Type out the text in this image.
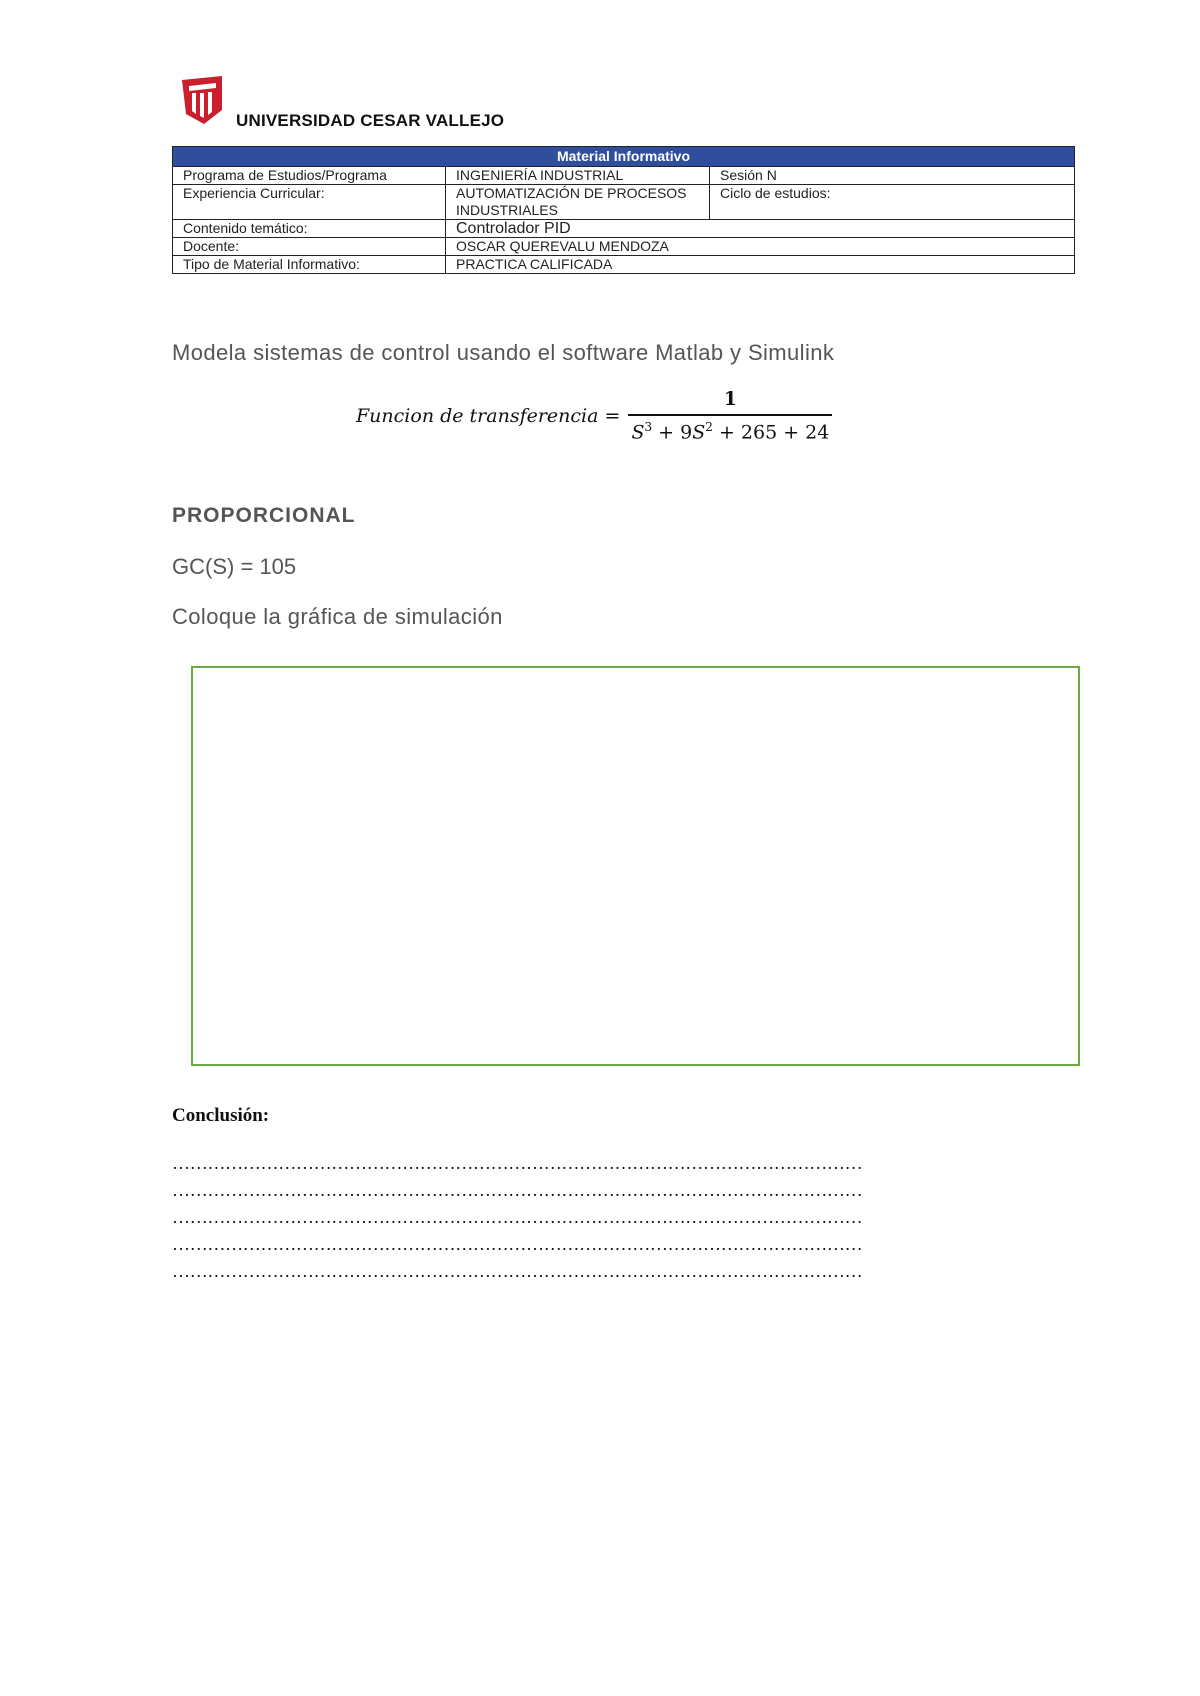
UNIVERSIDAD CESAR VALLEJO
Material Informativo		
Programa de Estudios/Programa	INGENIERÍA INDUSTRIAL	Sesión N
Experiencia Curricular:	AUTOMATIZACIÓN DE PROCESOS INDUSTRIALES	Ciclo de estudios:
Contenido temático:	Controlador PID	
Docente:	OSCAR QUEREVALU MENDOZA	
Tipo de Material Informativo:	PRACTICA CALIFICADA	
Modela sistemas de control usando el software Matlab y Simulink
Funcion de transferencia = $\frac{1}{S^3 + 9S^2 + 265 + 24}$
PROPORCIONAL
GC(S) = 105
Coloque la gráfica de simulación
Conclusión:
………………………………………………………………………………………………………
………………………………………………………………………………………………………
………………………………………………………………………………………………………
………………………………………………………………………………………………………
………………………………………………………………………………………………………
